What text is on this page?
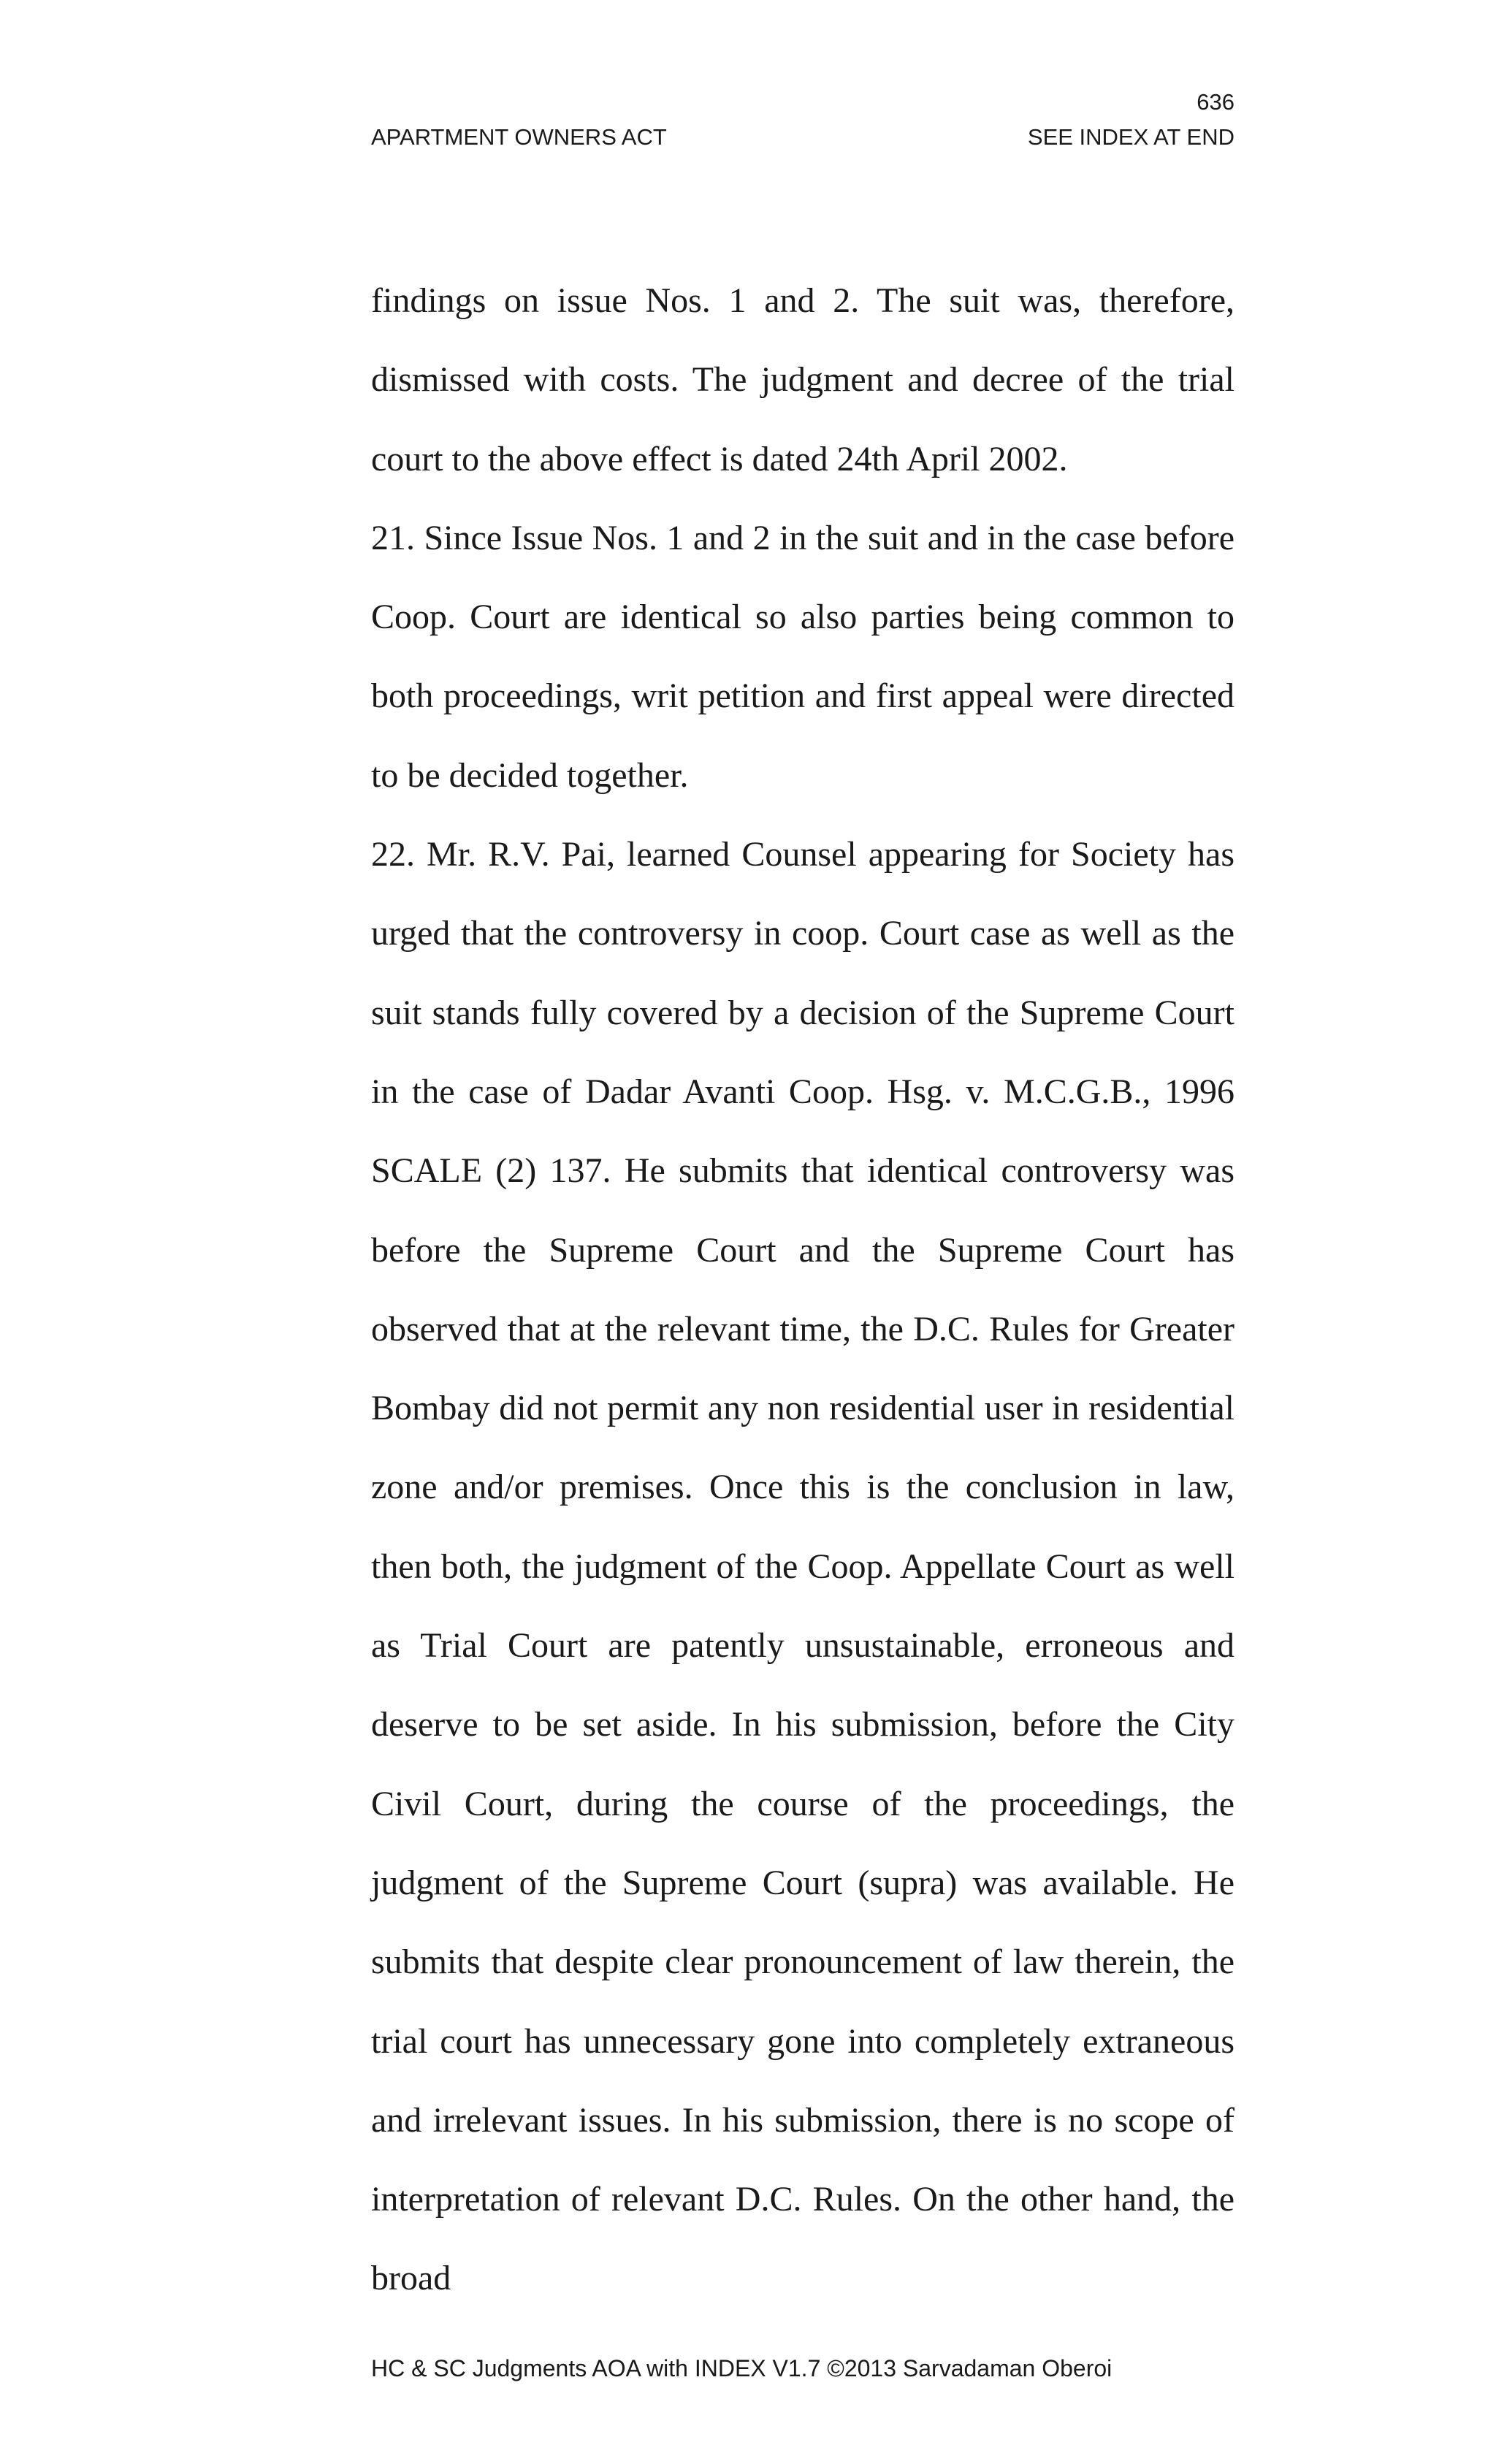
636
APARTMENT OWNERS ACT	SEE INDEX AT END

findings on issue Nos. 1 and 2. The suit was, therefore, dismissed with costs. The judgment and decree of the trial court to the above effect is dated 24th April 2002.

21. Since Issue Nos. 1 and 2 in the suit and in the case before Coop. Court are identical so also parties being common to both proceedings, writ petition and first appeal were directed to be decided together.

22. Mr. R.V. Pai, learned Counsel appearing for Society has urged that the controversy in coop. Court case as well as the suit stands fully covered by a decision of the Supreme Court in the case of Dadar Avanti Coop. Hsg. v. M.C.G.B., 1996 SCALE (2) 137. He submits that identical controversy was before the Supreme Court and the Supreme Court has observed that at the relevant time, the D.C. Rules for Greater Bombay did not permit any non residential user in residential zone and/or premises. Once this is the conclusion in law, then both, the judgment of the Coop. Appellate Court as well as Trial Court are patently unsustainable, erroneous and deserve to be set aside. In his submission, before the City Civil Court, during the course of the proceedings, the judgment of the Supreme Court (supra) was available. He submits that despite clear pronouncement of law therein, the trial court has unnecessary gone into completely extraneous and irrelevant issues. In his submission, there is no scope of interpretation of relevant D.C. Rules. On the other hand, the broad

HC & SC Judgments AOA with INDEX V1.7 ©2013 Sarvadaman Oberoi
